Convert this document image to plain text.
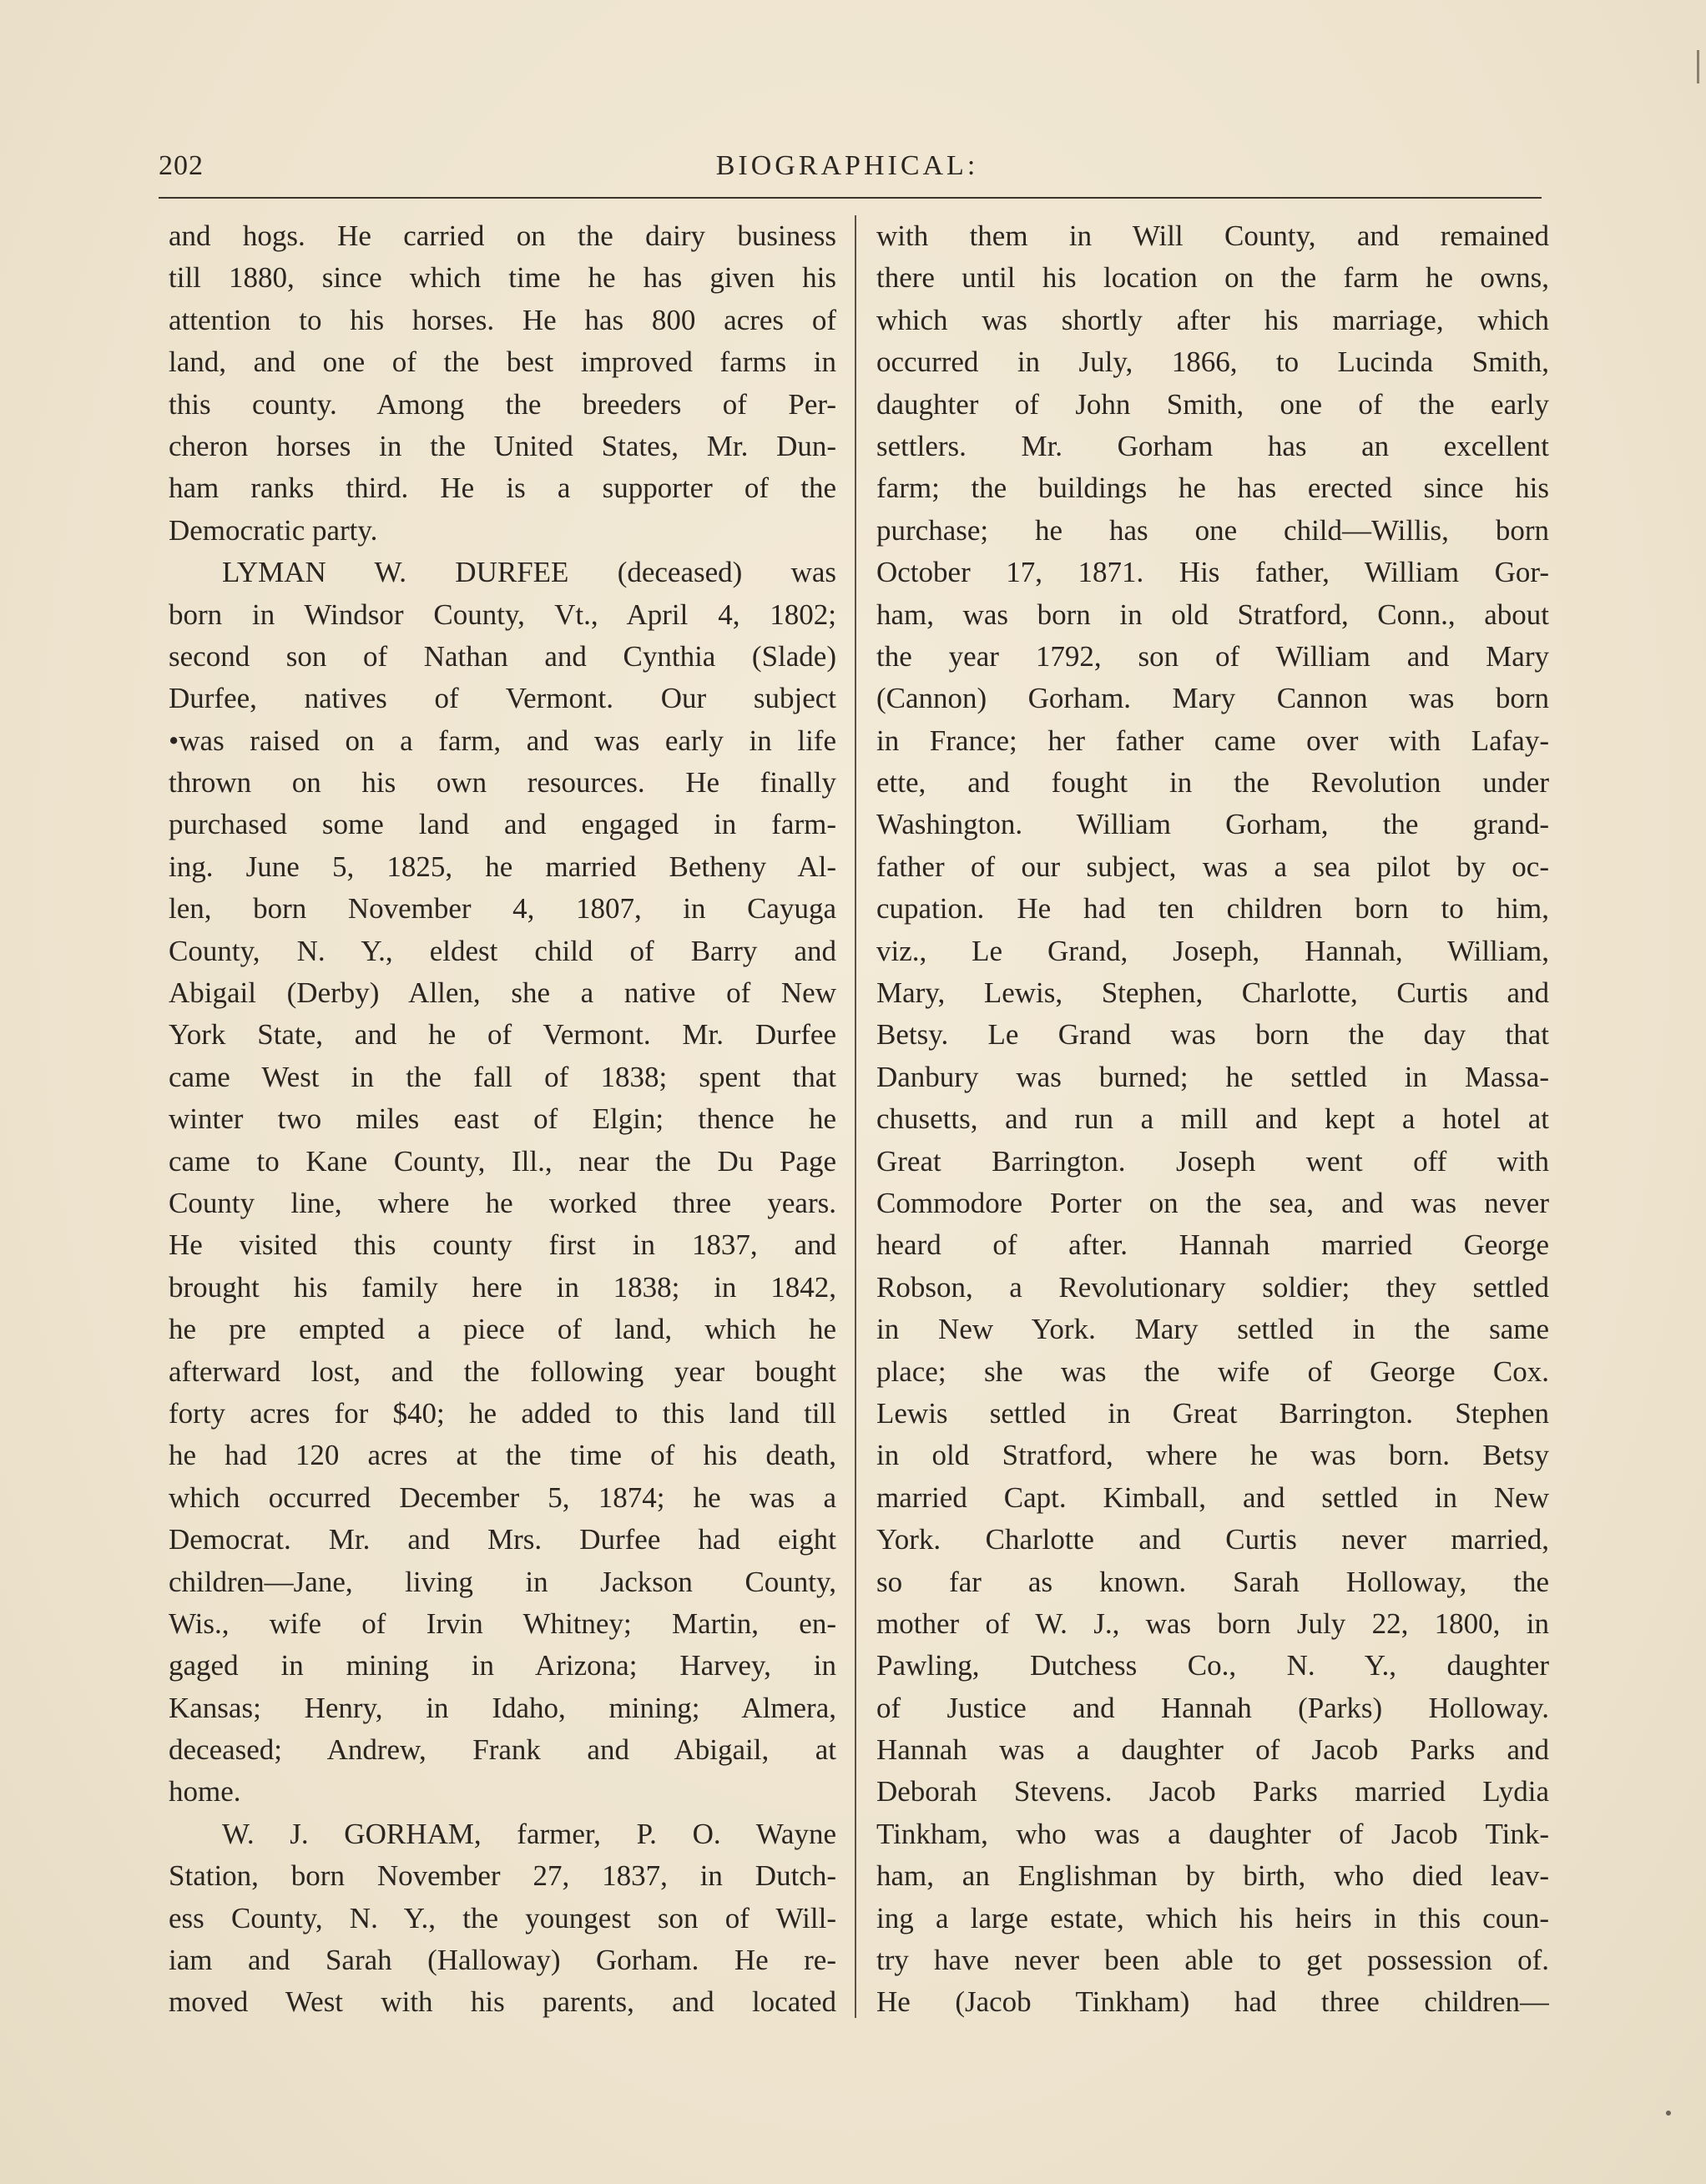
202	BIOGRAPHICAL:
and hogs. He carried on the dairy business
till 1880, since which time he has given his
attention to his horses. He has 800 acres of
land, and one of the best improved farms in
this county. Among the breeders of Per-
cheron horses in the United States, Mr. Dun-
ham ranks third. He is a supporter of the
Democratic party.
LYMAN W. DURFEE (deceased) was
born in Windsor County, Vt., April 4, 1802;
second son of Nathan and Cynthia (Slade)
Durfee, natives of Vermont. Our subject
•was raised on a farm, and was early in life
thrown on his own resources. He finally
purchased some land and engaged in farm-
ing. June 5, 1825, he married Betheny Al-
len, born November 4, 1807, in Cayuga
County, N. Y., eldest child of Barry and
Abigail (Derby) Allen, she a native of New
York State, and he of Vermont. Mr. Durfee
came West in the fall of 1838; spent that
winter two miles east of Elgin; thence he
came to Kane County, Ill., near the Du Page
County line, where he worked three years.
He visited this county first in 1837, and
brought his family here in 1838; in 1842,
he pre empted a piece of land, which he
afterward lost, and the following year bought
forty acres for $40; he added to this land till
he had 120 acres at the time of his death,
which occurred December 5, 1874; he was a
Democrat. Mr. and Mrs. Durfee had eight
children—Jane, living in Jackson County,
Wis., wife of Irvin Whitney; Martin, en-
gaged in mining in Arizona; Harvey, in
Kansas; Henry, in Idaho, mining; Almera,
deceased; Andrew, Frank and Abigail, at
home.
W. J. GORHAM, farmer, P. O. Wayne
Station, born November 27, 1837, in Dutch-
ess County, N. Y., the youngest son of Will-
iam and Sarah (Halloway) Gorham. He re-
moved West with his parents, and located
with them in Will County, and remained
there until his location on the farm he owns,
which was shortly after his marriage, which
occurred in July, 1866, to Lucinda Smith,
daughter of John Smith, one of the early
settlers. Mr. Gorham has an excellent
farm; the buildings he has erected since his
purchase; he has one child—Willis, born
October 17, 1871. His father, William Gor-
ham, was born in old Stratford, Conn., about
the year 1792, son of William and Mary
(Cannon) Gorham. Mary Cannon was born
in France; her father came over with Lafay-
ette, and fought in the Revolution under
Washington. William Gorham, the grand-
father of our subject, was a sea pilot by oc-
cupation. He had ten children born to him,
viz., Le Grand, Joseph, Hannah, William,
Mary, Lewis, Stephen, Charlotte, Curtis and
Betsy. Le Grand was born the day that
Danbury was burned; he settled in Massa-
chusetts, and run a mill and kept a hotel at
Great Barrington. Joseph went off with
Commodore Porter on the sea, and was never
heard of after. Hannah married George
Robson, a Revolutionary soldier; they settled
in New York. Mary settled in the same
place; she was the wife of George Cox.
Lewis settled in Great Barrington. Stephen
in old Stratford, where he was born. Betsy
married Capt. Kimball, and settled in New
York. Charlotte and Curtis never married,
so far as known. Sarah Holloway, the
mother of W. J., was born July 22, 1800, in
Pawling, Dutchess Co., N. Y., daughter
of Justice and Hannah (Parks) Holloway.
Hannah was a daughter of Jacob Parks and
Deborah Stevens. Jacob Parks married Lydia
Tinkham, who was a daughter of Jacob Tink-
ham, an Englishman by birth, who died leav-
ing a large estate, which his heirs in this coun-
try have never been able to get possession of.
He (Jacob Tinkham) had three children—
